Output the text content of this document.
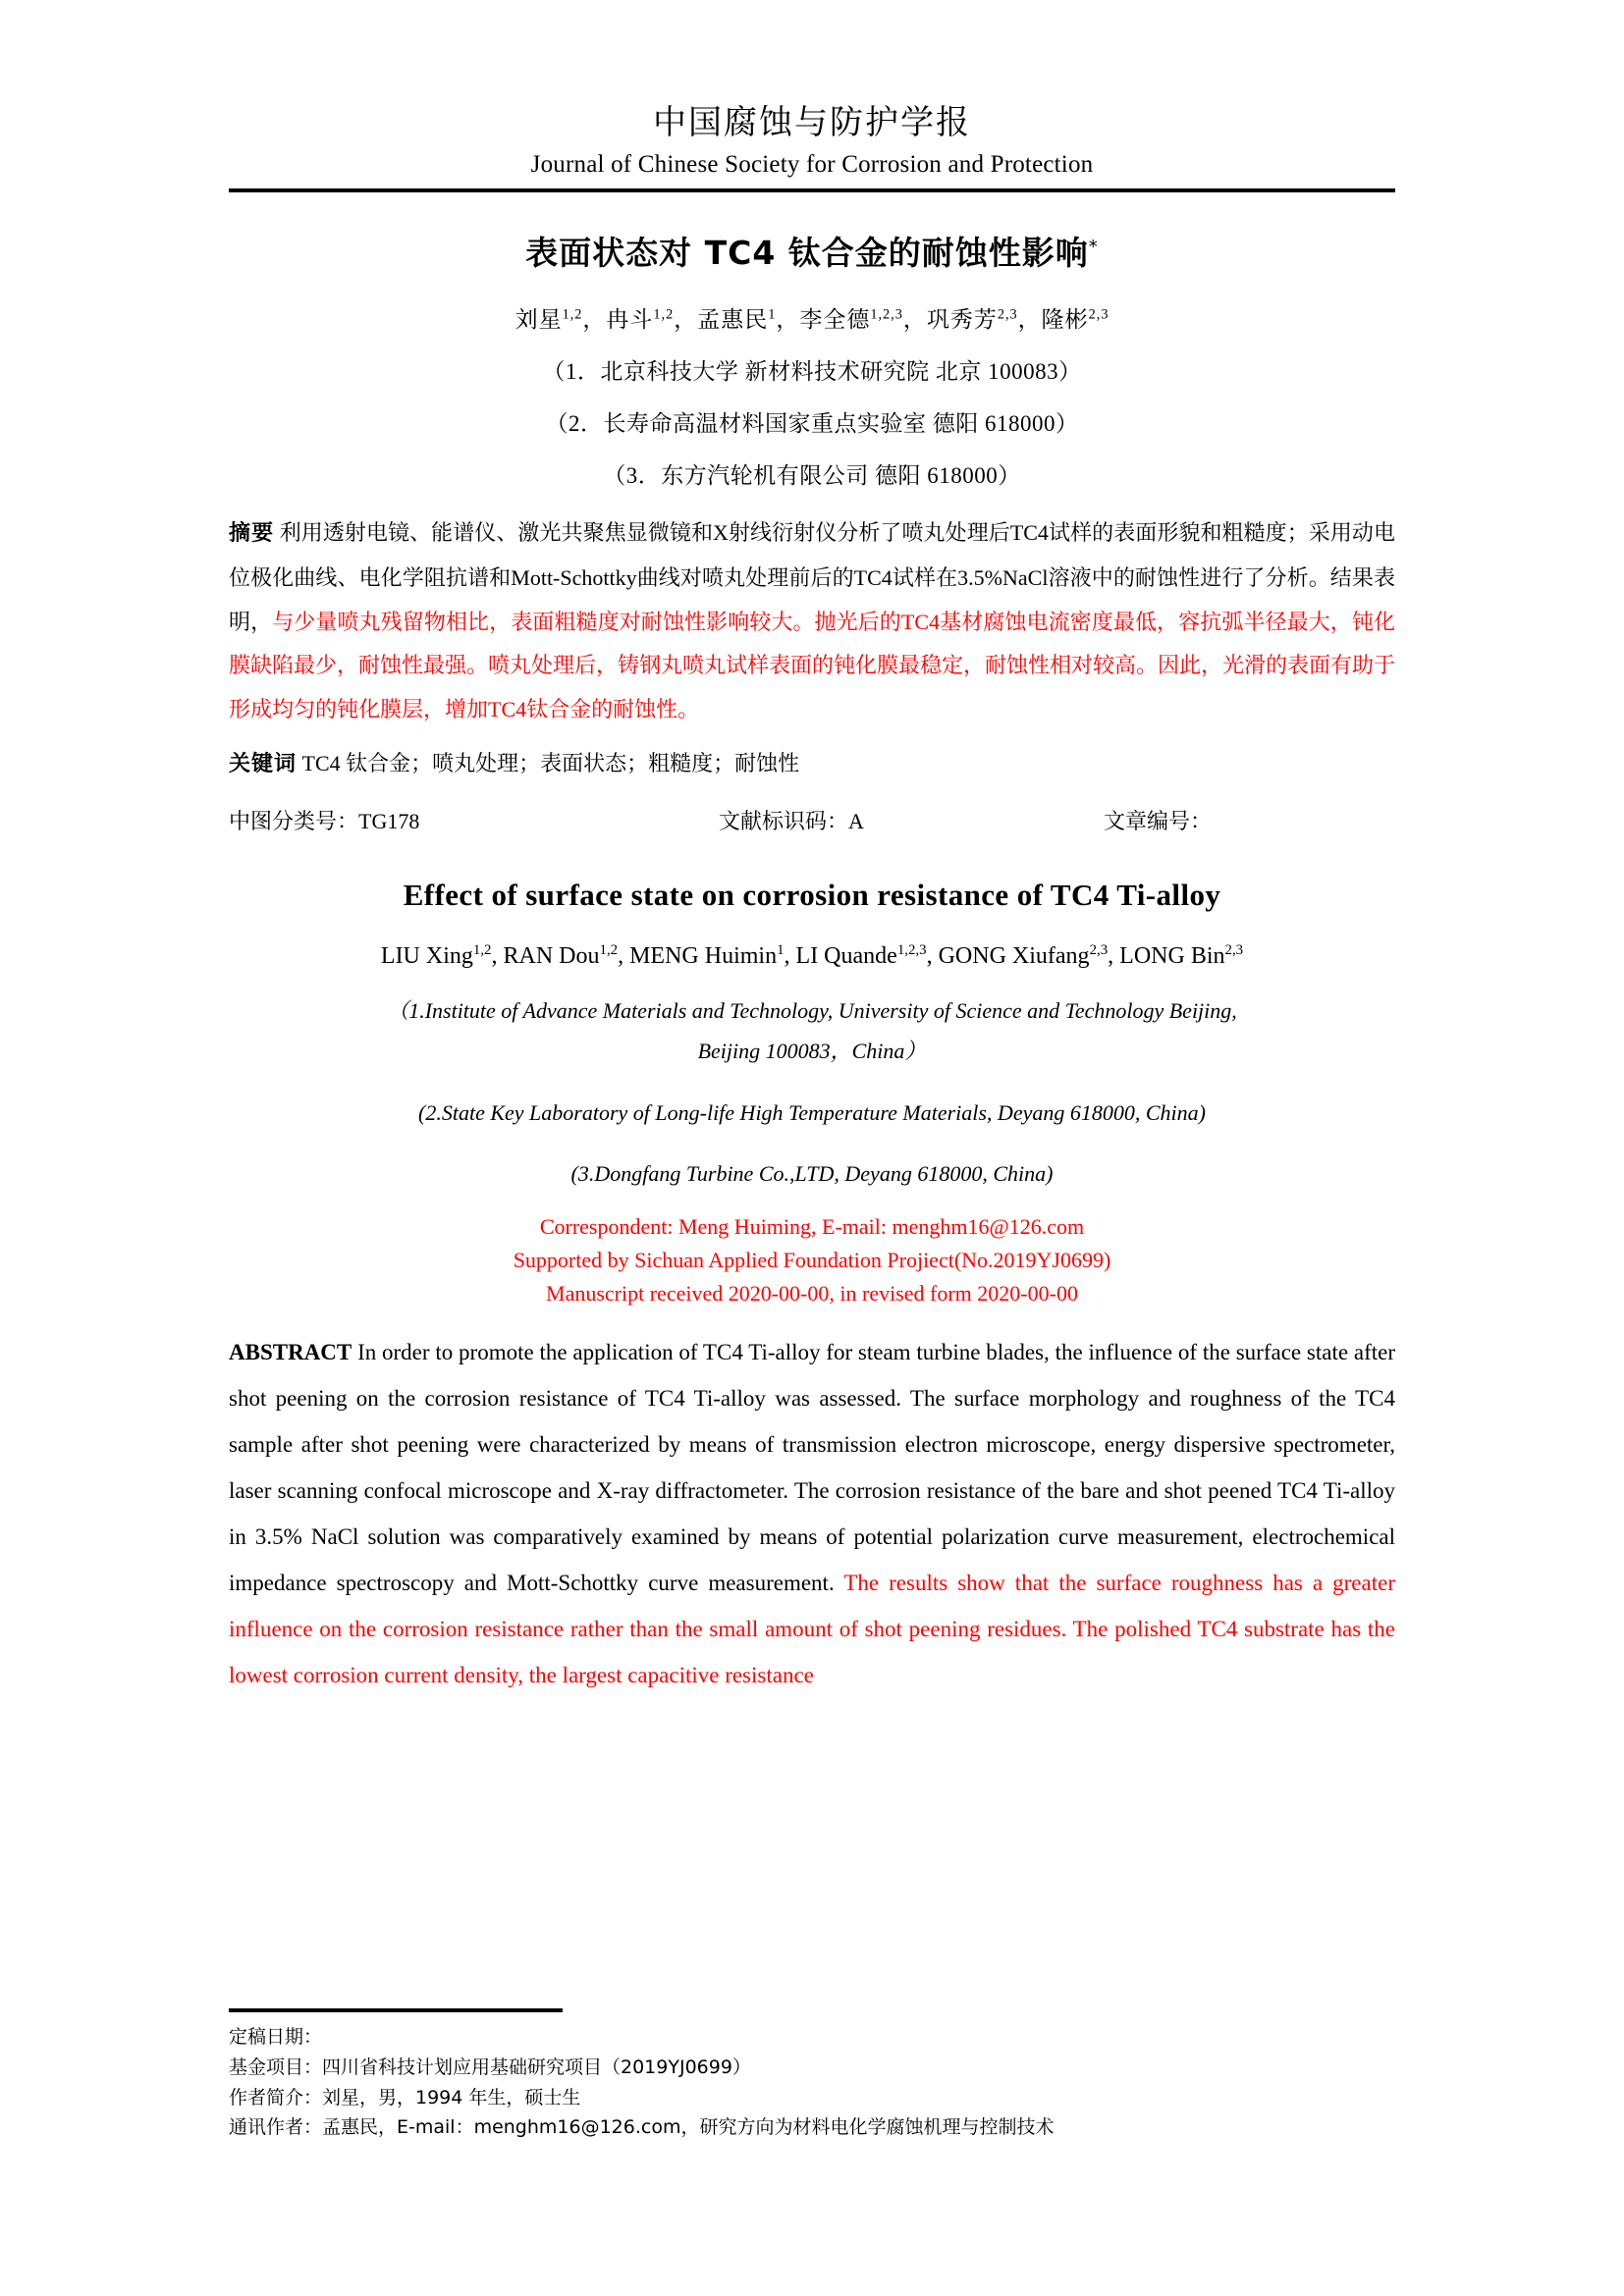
中国腐蚀与防护学报
Journal of Chinese Society for Corrosion and Protection
表面状态对 TC4 钛合金的耐蚀性影响*
刘星$^{1,2}$，冉斗$^{1,2}$，孟惠民$^1$，李全德$^{1,2,3}$，巩秀芳$^{2,3}$，隆彬$^{2,3}$
（1．北京科技大学 新材料技术研究院 北京 100083）
（2．长寿命高温材料国家重点实验室 德阳 618000）
（3．东方汽轮机有限公司 德阳 618000）
摘要 利用透射电镜、能谱仪、激光共聚焦显微镜和X射线衍射仪分析了喷丸处理后TC4试样的表面形貌和粗糙度；采用动电位极化曲线、电化学阻抗谱和Mott-Schottky曲线对喷丸处理前后的TC4试样在3.5%NaCl溶液中的耐蚀性进行了分析。结果表明，与少量喷丸残留物相比，表面粗糙度对耐蚀性影响较大。抛光后的TC4基材腐蚀电流密度最低，容抗弧半径最大，钝化膜缺陷最少，耐蚀性最强。喷丸处理后，铸钢丸喷丸试样表面的钝化膜最稳定，耐蚀性相对较高。因此，光滑的表面有助于形成均匀的钝化膜层，增加TC4钛合金的耐蚀性。
关键词 TC4 钛合金；喷丸处理；表面状态；粗糙度；耐蚀性
中图分类号：TG178	文献标识码：A	文章编号：
Effect of surface state on corrosion resistance of TC4 Ti-alloy
LIU Xing$^{1,2}$, RAN Dou$^{1,2}$, MENG Huimin$^1$, LI Quande$^{1,2,3}$, GONG Xiufang$^{2,3}$, LONG Bin$^{2,3}$
（1.Institute of Advance Materials and Technology, University of Science and Technology Beijing,
Beijing 100083，China）
(2.State Key Laboratory of Long-life High Temperature Materials, Deyang 618000, China)
(3.Dongfang Turbine Co.,LTD, Deyang 618000, China)
Correspondent: Meng Huiming, E-mail: menghm16@126.com
Supported by Sichuan Applied Foundation Projiect(No.2019YJ0699)
Manuscript received 2020-00-00, in revised form 2020-00-00
ABSTRACT In order to promote the application of TC4 Ti-alloy for steam turbine blades, the influence of the surface state after shot peening on the corrosion resistance of TC4 Ti-alloy was assessed. The surface morphology and roughness of the TC4 sample after shot peening were characterized by means of transmission electron microscope, energy dispersive spectrometer, laser scanning confocal microscope and X-ray diffractometer. The corrosion resistance of the bare and shot peened TC4 Ti-alloy in 3.5% NaCl solution was comparatively examined by means of potential polarization curve measurement, electrochemical impedance spectroscopy and Mott-Schottky curve measurement. The results show that the surface roughness has a greater influence on the corrosion resistance rather than the small amount of shot peening residues. The polished TC4 substrate has the lowest corrosion current density, the largest capacitive resistance
定稿日期：
基金项目：四川省科技计划应用基础研究项目（2019YJ0699）
作者简介：刘星，男，1994 年生，硕士生
通讯作者：孟惠民，E-mail：menghm16@126.com，研究方向为材料电化学腐蚀机理与控制技术
